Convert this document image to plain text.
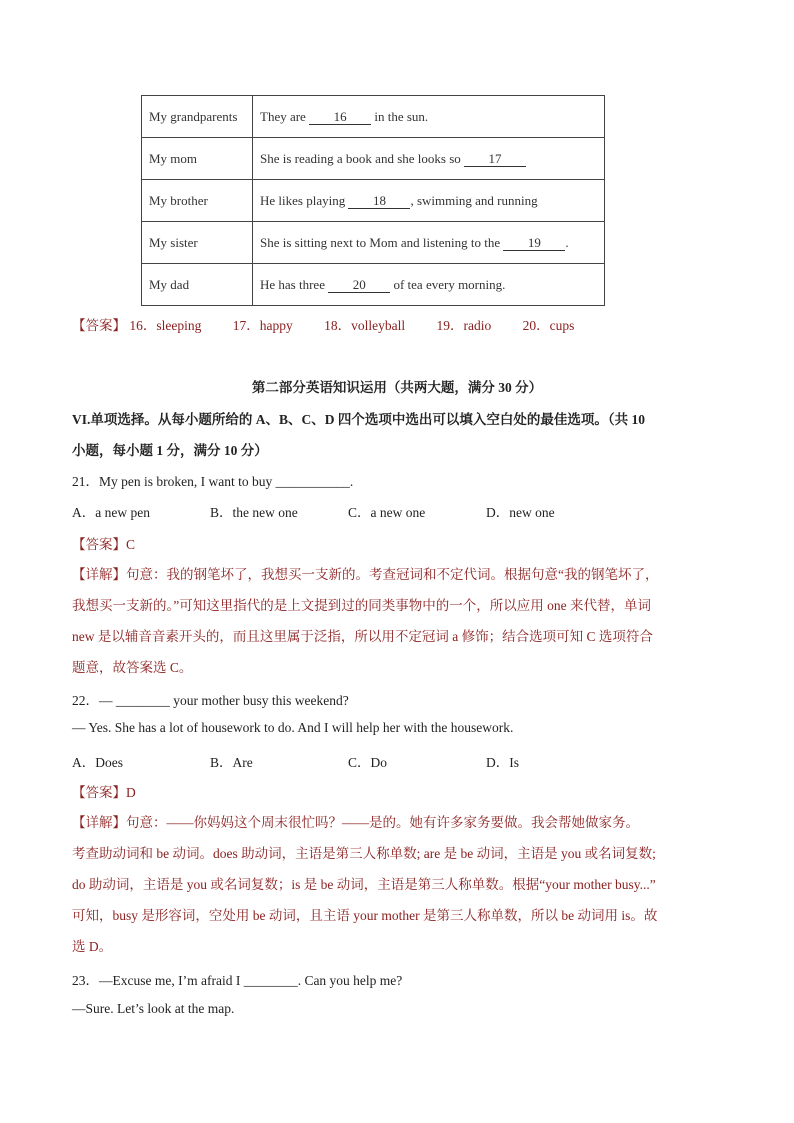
My grandparents	They are 16 in the sun.
My mom	She is reading a book and she looks so 17
My brother	He likes playing 18 , swimming and running
My sister	She is sitting next to Mom and listening to the 19 .
My dad	He has three 20 of tea every morning.
【答案】 16．sleeping 17．happy 18．volleyball 19．radio 20．cups
第二部分英语知识运用（共两大题，满分 30 分）
VI.单项选择。从每小题所给的 A、B、C、D 四个选项中选出可以填入空白处的最佳选项。（共 10
小题，每小题 1 分，满分 10 分）
21．My pen is broken, I want to buy ___________.
A．a new pen	B．the new one	C．a new one	D．new one
【答案】C
【详解】句意：我的钢笔坏了，我想买一支新的。考查冠词和不定代词。根据句意“我的钢笔坏了，
我想买一支新的。”可知这里指代的是上文提到过的同类事物中的一个，所以应用 one 来代替，单词
new 是以辅音音素开头的，而且这里属于泛指，所以用不定冠词 a 修饰；结合选项可知 C 选项符合
题意，故答案选 C。
22．— ________ your mother busy this weekend?
— Yes. She has a lot of housework to do. And I will help her with the housework.
A．Does	B．Are	C．Do	D．Is
【答案】D
【详解】句意：——你妈妈这个周末很忙吗？——是的。她有许多家务要做。我会帮她做家务。
考查助动词和 be 动词。does 助动词，主语是第三人称单数; are 是 be 动词，主语是 you 或名词复数;
do 助动词，主语是 you 或名词复数；is 是 be 动词，主语是第三人称单数。根据“your mother busy...”
可知，busy 是形容词，空处用 be 动词，且主语 your mother 是第三人称单数，所以 be 动词用 is。故
选 D。
23．—Excuse me, I’m afraid I ________. Can you help me?
—Sure. Let’s look at the map.
